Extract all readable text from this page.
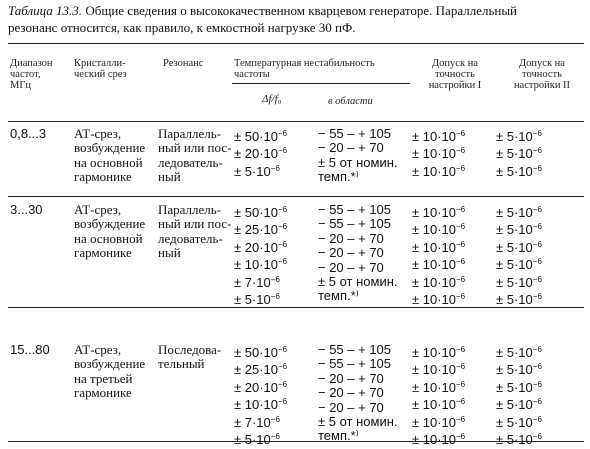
Таблица 13.3. Общие сведения о высококачественном кварцевом генераторе. Параллельный
резонанс относится, как правило, к емкостной нагрузке 30 пФ.
Диапазон
частот,
МГц
Кристалли-
ческий срез
Резонанс	Температурная нестабильность
частоты
Δf/f₀	в области
Допуск на
точность
настройки I
Допуск на
точность
настройки II
0,8...3 АТ-срез,
возбуждение
на основной
гармонике
Параллель-
ный или пос-
ледователь-
ный
± $50\cdot 10^{-6}$
± $20\cdot 10^{-6}$
± $5\cdot 10^{-6}$
− 55 – + 105
− 20 – + 70
± 5 от номин.
темп.*⁾
± $10\cdot 10^{-6}$
± $10\cdot 10^{-6}$
± $10\cdot 10^{-6}$
± $5\cdot 10^{-6}$
± $5\cdot 10^{-6}$
± $5\cdot 10^{-6}$
3...30 АТ-срез,
возбуждение
на основной
гармонике
Параллель-
ный или пос-
ледователь-
ный
± $50\cdot 10^{-6}$
± $25\cdot 10^{-6}$
± $20\cdot 10^{-6}$
± $10\cdot 10^{-6}$
± $7\cdot 10^{-6}$
± $5\cdot 10^{-6}$
− 55 – + 105
− 55 – + 105
− 20 – + 70
− 20 – + 70
− 20 – + 70
± 5 от номин.
темп.*⁾
± $10\cdot 10^{-6}$
± $10\cdot 10^{-6}$
± $10\cdot 10^{-6}$
± $10\cdot 10^{-6}$
± $10\cdot 10^{-6}$
± $10\cdot 10^{-6}$
± $5\cdot 10^{-6}$
± $5\cdot 10^{-6}$
± $5\cdot 10^{-6}$
± $5\cdot 10^{-6}$
± $5\cdot 10^{-6}$
± $5\cdot 10^{-6}$
15...80 АТ-срез,
возбуждение
на третьей
гармонике
Последова-
тельный
± $50\cdot 10^{-6}$
± $25\cdot 10^{-6}$
± $20\cdot 10^{-6}$
± $10\cdot 10^{-6}$
± $7\cdot 10^{-6}$
± $5\cdot 10^{-6}$
− 55 – + 105
− 55 – + 105
− 20 – + 70
− 20 – + 70
− 20 – + 70
± 5 от номин.
темп.*⁾
± $10\cdot 10^{-6}$
± $10\cdot 10^{-6}$
± $10\cdot 10^{-6}$
± $10\cdot 10^{-6}$
± $10\cdot 10^{-6}$
± $10\cdot 10^{-6}$
± $5\cdot 10^{-6}$
± $5\cdot 10^{-6}$
± $5\cdot 10^{-6}$
± $5\cdot 10^{-6}$
± $5\cdot 10^{-6}$
± $5\cdot 10^{-6}$
